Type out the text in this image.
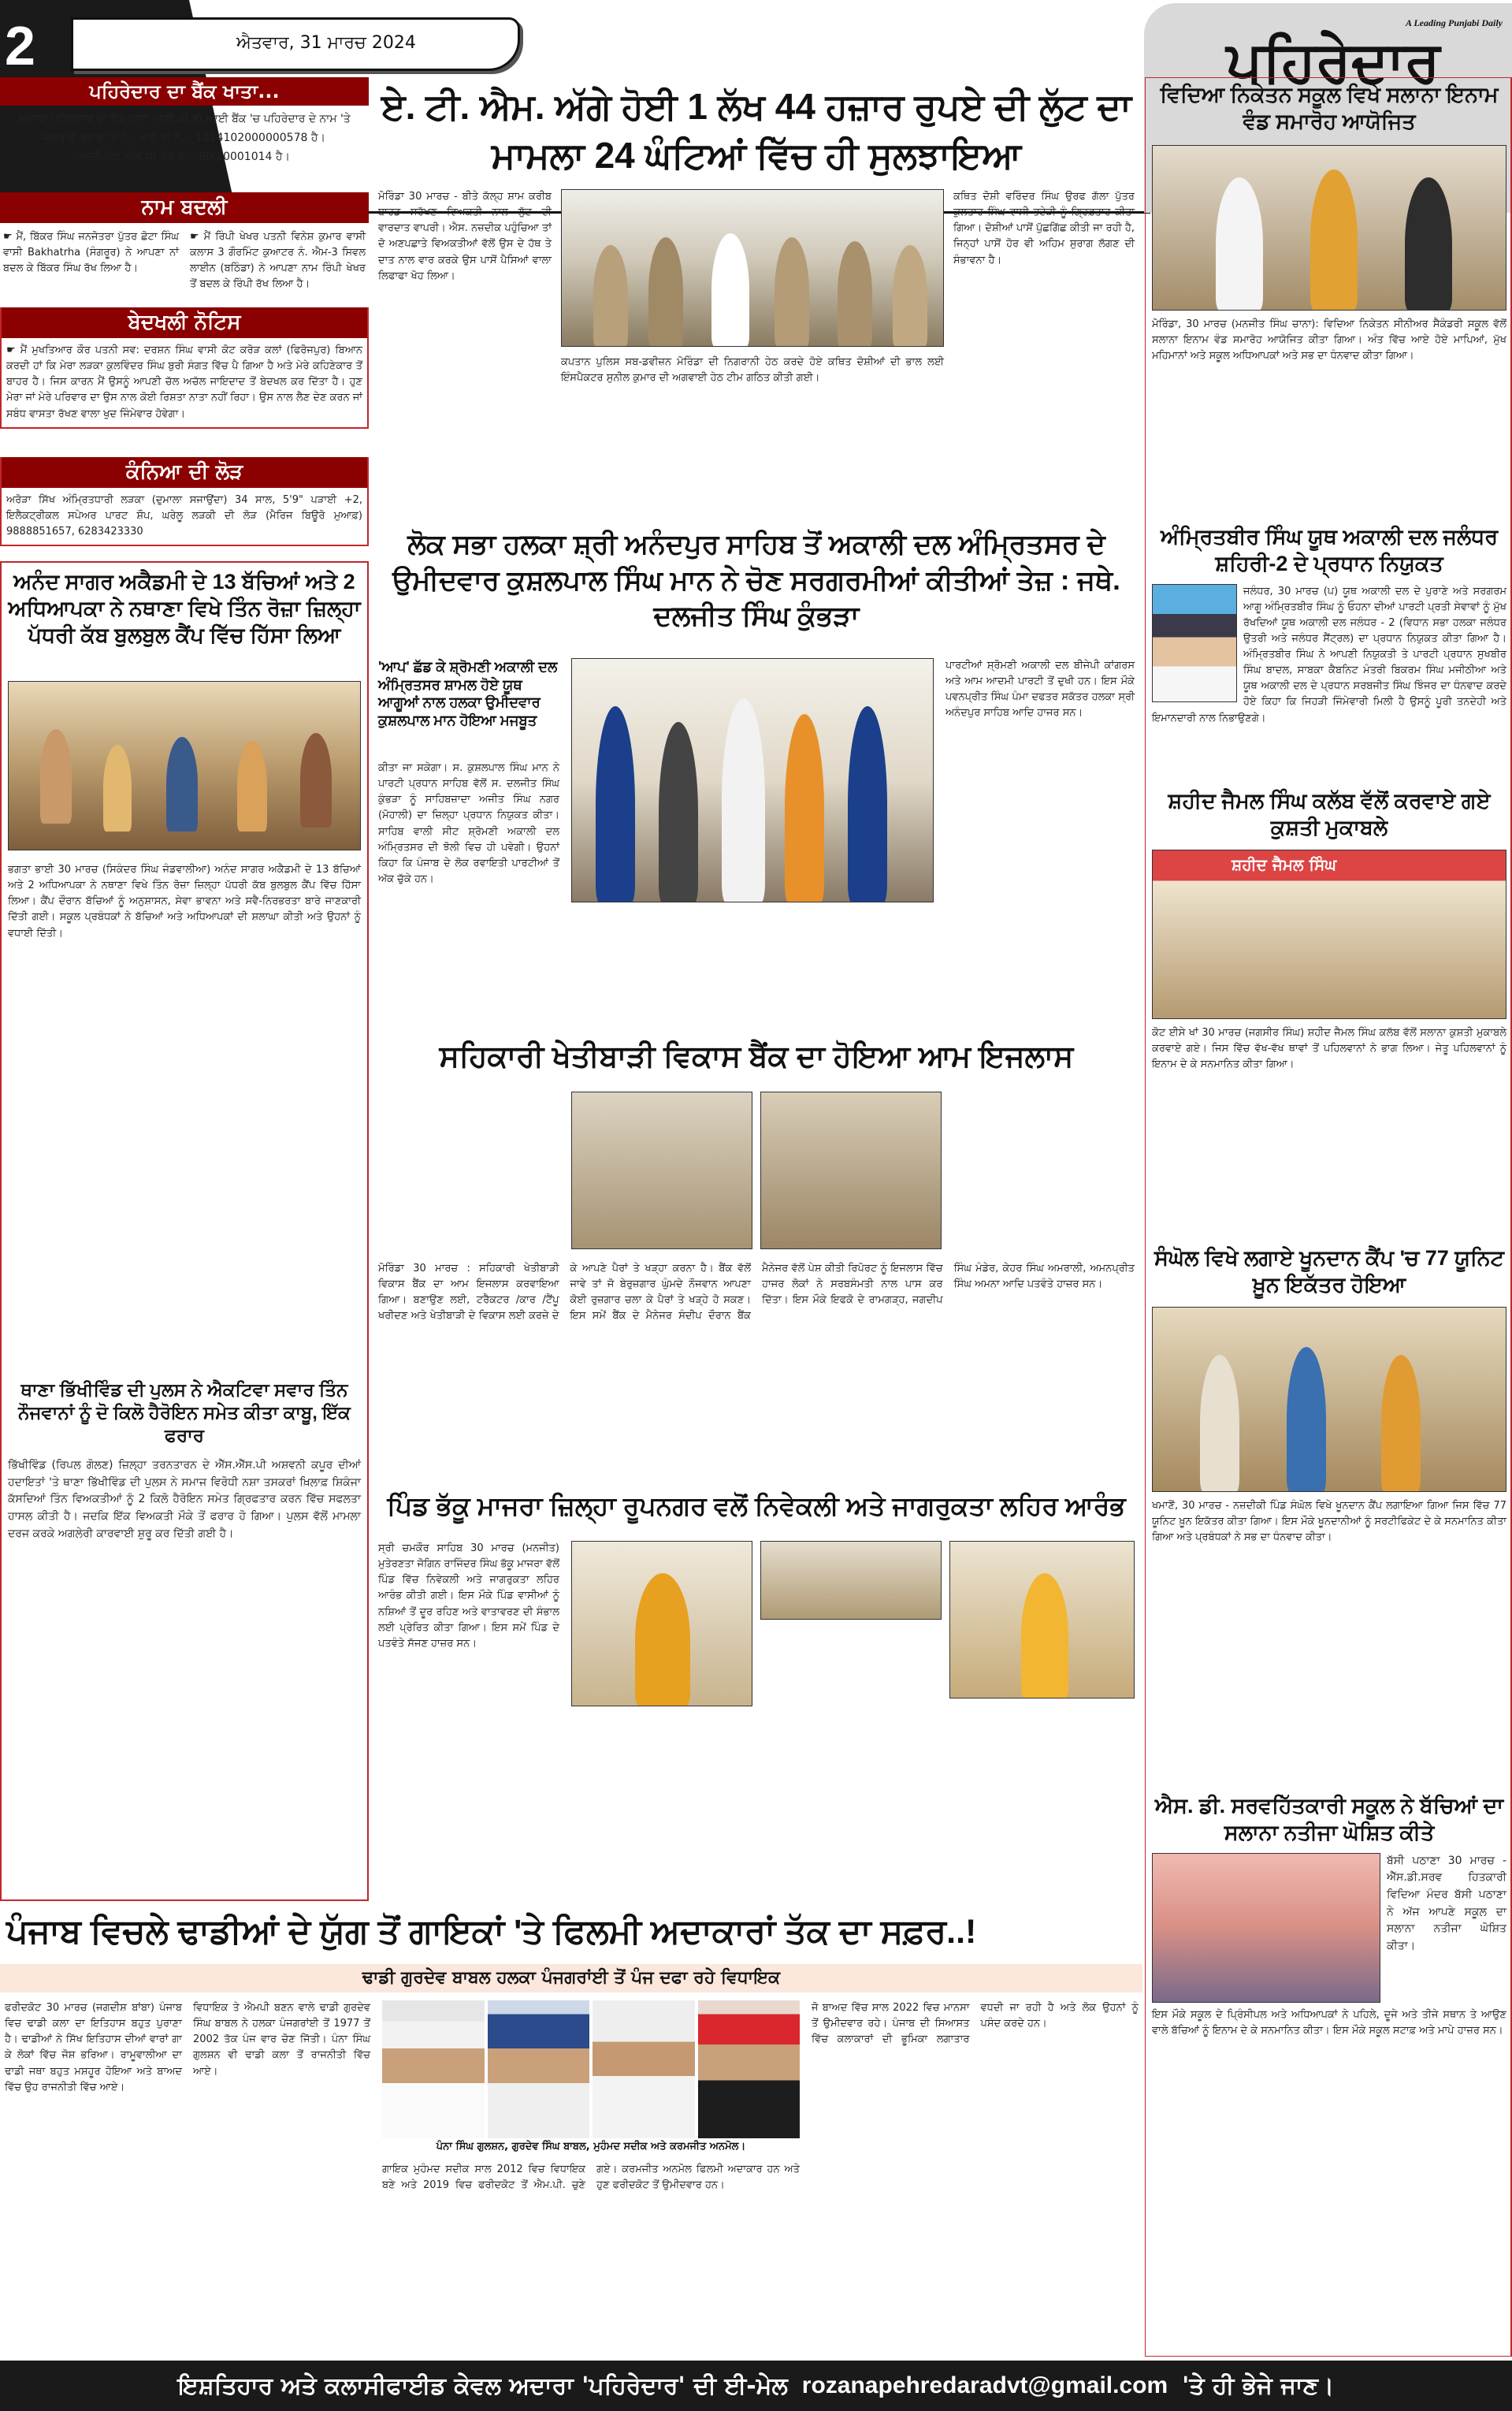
2	ਐਤਵਾਰ, 31 ਮਾਰਚ 2024
A Leading Punjabi Daily
ਪਹਿਰੇਦਾਰ
ਪਹਿਰੇਦਾਰ ਦਾ ਬੈਂਕ ਖਾਤਾ...
ਅਦਾਰਾ ਪਹਿਰੇਦਾਰ ਦਾ ਬੈਂਕ ਖਾਤਾ ਆਈ.ਡੀ.ਬੀ.ਆਈ ਬੈਂਕ 'ਚ ਪਹਿਰੇਦਾਰ ਦੇ ਨਾਮ 'ਤੇ ਜਗਰਾਉਂ ਬਰਾਂਚ 'ਚ ਹੈ। ਖਾਤੇ ਦਾ ਨੰ. - 1014102000000578 ਹੈ। ਆਈ.ਐਫ.ਐਸ.ਸੀ ਕੋਡ ਨੰ. - IBKL0001014 ਹੈ।
ਨਾਮ ਬਦਲੀ
☛ ਮੈਂ, ਬਿੱਕਰ ਸਿੰਘ ਜਨਜੋਤਰਾ ਪੁੱਤਰ ਛੋਟਾ ਸਿੰਘ ਵਾਸੀ Bakhatrha (ਸੰਗਰੂਰ) ਨੇ ਆਪਣਾ ਨਾਂ ਬਦਲ ਕੇ ਬਿੱਕਰ ਸਿੰਘ ਰੱਖ ਲਿਆ ਹੈ।
☛ ਮੈਂ ਰਿੰਪੀ ਖੇਖਰ ਪਤਨੀ ਵਿਨੇਸ਼ ਕੁਮਾਰ ਵਾਸੀ ਕਲਾਸ 3 ਗੌਰਮਿੰਟ ਕੁਆਟਰ ਨੰ. ਐਮ-3 ਸਿਵਲ ਲਾਈਨ (ਬਠਿੰਡਾ) ਨੇ ਆਪਣਾ ਨਾਮ ਰਿੰਪੀ ਖੇਖਰ ਤੋਂ ਬਦਲ ਕੇ ਰਿੰਪੀ ਰੱਖ ਲਿਆ ਹੈ।
ਬੇਦਖਲੀ ਨੋਟਿਸ
☛ ਮੈਂ ਮੁਖਤਿਆਰ ਕੌਰ ਪਤਨੀ ਸਵ: ਦਰਸ਼ਨ ਸਿੰਘ ਵਾਸੀ ਕੋਟ ਕਰੋੜ ਕਲਾਂ (ਫਿਰੋਜਪੁਰ) ਬਿਆਨ ਕਰਦੀ ਹਾਂ ਕਿ ਮੇਰਾ ਲੜਕਾ ਕੁਲਵਿੰਦਰ ਸਿੰਘ ਬੁਰੀ ਸੰਗਤ ਵਿੱਚ ਪੈ ਗਿਆ ਹੈ ਅਤੇ ਮੇਰੇ ਕਹਿਣੇਕਾਰ ਤੋਂ ਬਾਹਰ ਹੈ। ਜਿਸ ਕਾਰਨ ਮੈਂ ਉਸਨੂੰ ਆਪਣੀ ਚੱਲ ਅਚੱਲ ਜਾਇਦਾਦ ਤੋਂ ਬੇਦਖਲ ਕਰ ਦਿੱਤਾ ਹੈ। ਹੁਣ ਮੇਰਾ ਜਾਂ ਮੇਰੇ ਪਰਿਵਾਰ ਦਾ ਉਸ ਨਾਲ ਕੋਈ ਰਿਸ਼ਤਾ ਨਾਤਾ ਨਹੀਂ ਰਿਹਾ। ਉਸ ਨਾਲ ਲੈਣ ਦੇਣ ਕਰਨ ਜਾਂ ਸਬੰਧ ਵਾਸਤਾ ਰੱਖਣ ਵਾਲਾ ਖੁਦ ਜਿੰਮੇਵਾਰ ਹੋਵੇਗਾ।
ਕੰਨਿਆ ਦੀ ਲੋੜ
ਅਰੋੜਾ ਸਿੱਖ ਅੰਮ੍ਰਿਤਧਾਰੀ ਲੜਕਾ (ਦੁਮਾਲਾ ਸਜਾਉਂਦਾ) 34 ਸਾਲ, 5'9" ਪੜਾਈ +2, ਇਲੈਕਟ੍ਰੀਕਲ ਸਪੇਅਰ ਪਾਰਟ ਸ਼ੌਪ, ਘਰੇਲੂ ਲੜਕੀ ਦੀ ਲੋੜ (ਮੈਰਿਜ ਬਿਊਰੋ ਮੁਆਫ਼) 9888851657, 6283423330
ਅਨੰਦ ਸਾਗਰ ਅਕੈਡਮੀ ਦੇ 13 ਬੱਚਿਆਂ ਅਤੇ 2 ਅਧਿਆਪਕਾ ਨੇ ਨਥਾਣਾ ਵਿਖੇ ਤਿੰਨ ਰੋਜ਼ਾ ਜ਼ਿਲ੍ਹਾ ਪੱਧਰੀ ਕੱਬ ਬੁਲਬੁਲ ਕੈਂਪ ਵਿੱਚ ਹਿੱਸਾ ਲਿਆ
ਭਗਤਾ ਭਾਈ 30 ਮਾਰਚ (ਸਿਕੰਦਰ ਸਿੰਘ ਜੰਡਵਾਲੀਆ) ਅਨੰਦ ਸਾਗਰ ਅਕੈਡਮੀ ਦੇ 13 ਬੱਚਿਆਂ ਅਤੇ 2 ਅਧਿਆਪਕਾ ਨੇ ਨਥਾਣਾ ਵਿਖੇ ਤਿੰਨ ਰੋਜ਼ਾ ਜ਼ਿਲ੍ਹਾ ਪੱਧਰੀ ਕੱਬ ਬੁਲਬੁਲ ਕੈਂਪ ਵਿੱਚ ਹਿੱਸਾ ਲਿਆ। ਕੈਂਪ ਦੌਰਾਨ ਬੱਚਿਆਂ ਨੂੰ ਅਨੁਸ਼ਾਸਨ, ਸੇਵਾ ਭਾਵਨਾ ਅਤੇ ਸਵੈ-ਨਿਰਭਰਤਾ ਬਾਰੇ ਜਾਣਕਾਰੀ ਦਿੱਤੀ ਗਈ। ਸਕੂਲ ਪ੍ਰਬੰਧਕਾਂ ਨੇ ਬੱਚਿਆਂ ਅਤੇ ਅਧਿਆਪਕਾਂ ਦੀ ਸ਼ਲਾਘਾ ਕੀਤੀ ਅਤੇ ਉਹਨਾਂ ਨੂੰ ਵਧਾਈ ਦਿੱਤੀ।
ਥਾਣਾ ਭਿੱਖੀਵਿੰਡ ਦੀ ਪੁਲਸ ਨੇ ਐਕਟਿਵਾ ਸਵਾਰ ਤਿੰਨ ਨੌਜਵਾਨਾਂ ਨੂੰ ਦੋ ਕਿਲੋ ਹੈਰੋਇਨ ਸਮੇਤ ਕੀਤਾ ਕਾਬੂ, ਇੱਕ ਫਰਾਰ
ਭਿੱਖੀਵਿੰਡ (ਰਿਪਲ ਗੋਲਣ) ਜ਼ਿਲ੍ਹਾ ਤਰਨਤਾਰਨ ਦੇ ਐੱਸ.ਐੱਸ.ਪੀ ਅਸ਼ਵਨੀ ਕਪੂਰ ਦੀਆਂ ਹਦਾਇਤਾਂ 'ਤੇ ਥਾਣਾ ਭਿੱਖੀਵਿੰਡ ਦੀ ਪੁਲਸ ਨੇ ਸਮਾਜ ਵਿਰੋਧੀ ਨਸ਼ਾ ਤਸਕਰਾਂ ਖ਼ਿਲਾਫ਼ ਸ਼ਿਕੰਜਾ ਕੱਸਦਿਆਂ ਤਿੰਨ ਵਿਅਕਤੀਆਂ ਨੂੰ 2 ਕਿਲੋ ਹੈਰੋਇਨ ਸਮੇਤ ਗ੍ਰਿਫਤਾਰ ਕਰਨ ਵਿੱਚ ਸਫਲਤਾ ਹਾਸਲ ਕੀਤੀ ਹੈ। ਜਦਕਿ ਇੱਕ ਵਿਅਕਤੀ ਮੌਕੇ ਤੋਂ ਫਰਾਰ ਹੋ ਗਿਆ। ਪੁਲਸ ਵੱਲੋਂ ਮਾਮਲਾ ਦਰਜ ਕਰਕੇ ਅਗਲੇਰੀ ਕਾਰਵਾਈ ਸ਼ੁਰੂ ਕਰ ਦਿੱਤੀ ਗਈ ਹੈ।
ਏ. ਟੀ. ਐਮ. ਅੱਗੇ ਹੋਈ 1 ਲੱਖ 44 ਹਜ਼ਾਰ ਰੁਪਏ ਦੀ ਲੁੱਟ ਦਾ ਮਾਮਲਾ 24 ਘੰਟਿਆਂ ਵਿੱਚ ਹੀ ਸੁਲਝਾਇਆ
ਮੋਰਿੰਡਾ 30 ਮਾਰਚ - ਬੀਤੇ ਕੱਲ੍ਹ ਸ਼ਾਮ ਕਰੀਬ ਬਾਰਡ ਸਰੱਖਣ ਵਿਅਕਤੀ ਨਾਲ ਲੁੱਟ ਦੀ ਵਾਰਦਾਤ ਵਾਪਰੀ। ਐਸ. ਨਜ਼ਦੀਕ ਪਹੁੰਚਿਆ ਤਾਂ ਦੋ ਅਣਪਛਾਤੇ ਵਿਅਕਤੀਆਂ ਵੱਲੋਂ ਉਸ ਦੇ ਹੱਥ ਤੇ ਦਾਤ ਨਾਲ ਵਾਰ ਕਰਕੇ ਉਸ ਪਾਸੋਂ ਪੈਸਿਆਂ ਵਾਲਾ ਲਿਫਾਫਾ ਖੋਹ ਲਿਆ।
ਕਪਤਾਨ ਪੁਲਿਸ ਸਬ-ਡਵੀਜ਼ਨ ਮੋਰਿੰਡਾ ਦੀ ਨਿਗਰਾਨੀ ਹੇਠ ਕਰਦੇ ਹੋਏ ਕਥਿਤ ਦੋਸ਼ੀਆਂ ਦੀ ਭਾਲ ਲਈ ਇੰਸਪੈਕਟਰ ਸੁਨੀਲ ਕੁਮਾਰ ਦੀ ਅਗਵਾਈ ਹੇਠ ਟੀਮ ਗਠਿਤ ਕੀਤੀ ਗਈ।
ਕਥਿਤ ਦੋਸ਼ੀ ਵਰਿੰਦਰ ਸਿੰਘ ਉਰਫ ਗੱਲਾ ਪੁੱਤਰ ਕੁਲਤਾਰ ਸਿੰਘ ਵਾਸੀ ਭਟੇੜੀ ਨੂੰ ਗ੍ਰਿਫ਼ਤਾਰ ਕੀਤਾ ਗਿਆ। ਦੋਸ਼ੀਆਂ ਪਾਸੋਂ ਪੁੱਛਗਿੱਛ ਕੀਤੀ ਜਾ ਰਹੀ ਹੈ, ਜਿਨ੍ਹਾਂ ਪਾਸੋਂ ਹੋਰ ਵੀ ਅਹਿਮ ਸੁਰਾਗ ਲੱਗਣ ਦੀ ਸੰਭਾਵਨਾ ਹੈ।
ਲੋਕ ਸਭਾ ਹਲਕਾ ਸ਼੍ਰੀ ਅਨੰਦਪੁਰ ਸਾਹਿਬ ਤੋਂ ਅਕਾਲੀ ਦਲ ਅੰਮ੍ਰਿਤਸਰ ਦੇ ਉਮੀਦਵਾਰ ਕੁਸ਼ਲਪਾਲ ਸਿੰਘ ਮਾਨ ਨੇ ਚੋਣ ਸਰਗਰਮੀਆਂ ਕੀਤੀਆਂ ਤੇਜ਼ : ਜਥੇ. ਦਲਜੀਤ ਸਿੰਘ ਕੁੰਭੜਾ
'ਆਪ' ਛੱਡ ਕੇ ਸ਼੍ਰੋਮਣੀ ਅਕਾਲੀ ਦਲ ਅੰਮ੍ਰਿਤਸਰ ਸ਼ਾਮਲ ਹੋਏ ਯੂਥ ਆਗੂਆਂ ਨਾਲ ਹਲਕਾ ਉਮੀਦਵਾਰ ਕੁਸ਼ਲਪਾਲ ਮਾਨ ਹੋਇਆ ਮਜਬੂਤ
ਕੀਤਾ ਜਾ ਸਕੇਗਾ। ਸ. ਕੁਸ਼ਲਪਾਲ ਸਿੰਘ ਮਾਨ ਨੇ ਪਾਰਟੀ ਪ੍ਰਧਾਨ ਸਾਹਿਬ ਵੱਲੋਂ ਸ. ਦਲਜੀਤ ਸਿੰਘ ਕੁੰਭੜਾ ਨੂੰ ਸਾਹਿਬਜ਼ਾਦਾ ਅਜੀਤ ਸਿੰਘ ਨਗਰ (ਮੋਹਾਲੀ) ਦਾ ਜ਼ਿਲ੍ਹਾ ਪ੍ਰਧਾਨ ਨਿਯੁਕਤ ਕੀਤਾ। ਸਾਹਿਬ ਵਾਲੀ ਸੀਟ ਸ਼੍ਰੋਮਣੀ ਅਕਾਲੀ ਦਲ ਅੰਮ੍ਰਿਤਸਰ ਦੀ ਝੋਲੀ ਵਿਚ ਹੀ ਪਵੇਗੀ। ਉਹਨਾਂ ਕਿਹਾ ਕਿ ਪੰਜਾਬ ਦੇ ਲੋਕ ਰਵਾਇਤੀ ਪਾਰਟੀਆਂ ਤੋਂ ਅੱਕ ਚੁੱਕੇ ਹਨ।
ਪਾਰਟੀਆਂ ਸ਼੍ਰੋਮਣੀ ਅਕਾਲੀ ਦਲ ਬੀਜੇਪੀ ਕਾਂਗਰਸ ਅਤੇ ਆਮ ਆਦਮੀ ਪਾਰਟੀ ਤੋਂ ਦੁਖੀ ਹਨ। ਇਸ ਮੌਕੇ ਪਵਨਪ੍ਰੀਤ ਸਿੰਘ ਪੰਮਾ ਦਫਤਰ ਸਕੱਤਰ ਹਲਕਾ ਸ੍ਰੀ ਅਨੰਦਪੁਰ ਸਾਹਿਬ ਆਦਿ ਹਾਜਰ ਸਨ।
ਸਹਿਕਾਰੀ ਖੇਤੀਬਾੜੀ ਵਿਕਾਸ ਬੈਂਕ ਦਾ ਹੋਇਆ ਆਮ ਇਜਲਾਸ
ਮੋਰਿੰਡਾ 30 ਮਾਰਚ : ਸਹਿਕਾਰੀ ਖੇਤੀਬਾੜੀ ਵਿਕਾਸ ਬੈਂਕ ਦਾ ਆਮ ਇਜਲਾਸ ਕਰਵਾਇਆ ਗਿਆ। ਬਣਾਉਣ ਲਈ, ਟਰੈਕਟਰ /ਕਾਰ /ਟੈਂਪੂ ਖਰੀਦਣ ਅਤੇ ਖੇਤੀਬਾੜੀ ਦੇ ਵਿਕਾਸ ਲਈ ਕਰਜ਼ੇ ਦੇ ਕੇ ਆਪਣੇ ਪੈਰਾਂ ਤੇ ਖੜ੍ਹਾ ਕਰਨਾ ਹੈ। ਬੈਂਕ ਵੱਲੋਂ ਜਾਵੇ ਤਾਂ ਜੋ ਬੇਰੁਜ਼ਗਾਰ ਘੁੰਮਦੇ ਨੌਜਵਾਨ ਆਪਣਾ ਕੋਈ ਰੁਜ਼ਗਾਰ ਚਲਾ ਕੇ ਪੈਰਾਂ ਤੇ ਖੜ੍ਹੇ ਹੋ ਸਕਣ। ਇਸ ਸਮੇਂ ਬੈਂਕ ਦੇ ਮੈਨੇਜਰ ਸੰਦੀਪ ਦੌਰਾਨ ਬੈਂਕ ਮੈਨੇਜਰ ਵੱਲੋਂ ਪੇਸ਼ ਕੀਤੀ ਰਿਪੋਰਟ ਨੂੰ ਇਜਲਾਸ ਵਿੱਚ ਹਾਜਰ ਲੋਕਾਂ ਨੇ ਸਰਬਸੰਮਤੀ ਨਾਲ ਪਾਸ ਕਰ ਦਿੱਤਾ। ਇਸ ਮੌਕੇ ਇਫਕੋ ਦੇ ਰਾਮਗੜ੍ਹ, ਜਗਦੀਪ ਸਿੰਘ ਮੰਡੇਰ, ਕੇਹਰ ਸਿੰਘ ਅਮਰਾਲੀ, ਅਮਨਪ੍ਰੀਤ ਸਿੰਘ ਅਮਨਾ ਆਦਿ ਪਤਵੰਤੇ ਹਾਜ਼ਰ ਸਨ।
ਪਿੰਡ ਭੱਕੂ ਮਾਜਰਾ ਜ਼ਿਲ੍ਹਾ ਰੂਪਨਗਰ ਵਲੋਂ ਨਿਵੇਕਲੀ ਅਤੇ ਜਾਗਰੁਕਤਾ ਲਹਿਰ ਆਰੰਭ
ਸ੍ਰੀ ਚਮਕੌਰ ਸਾਹਿਬ 30 ਮਾਰਚ (ਮਨਜੀਤ) ਮੁਤੇਰਣਤਾ ਜੋਗਿਨ ਰਾਜਿੰਦਰ ਸਿੰਘ ਭੱਕੂ ਮਾਜਰਾ ਵੱਲੋਂ ਪਿੰਡ ਵਿੱਚ ਨਿਵੇਕਲੀ ਅਤੇ ਜਾਗਰੁਕਤਾ ਲਹਿਰ ਆਰੰਭ ਕੀਤੀ ਗਈ। ਇਸ ਮੌਕੇ ਪਿੰਡ ਵਾਸੀਆਂ ਨੂੰ ਨਸ਼ਿਆਂ ਤੋਂ ਦੂਰ ਰਹਿਣ ਅਤੇ ਵਾਤਾਵਰਣ ਦੀ ਸੰਭਾਲ ਲਈ ਪ੍ਰੇਰਿਤ ਕੀਤਾ ਗਿਆ। ਇਸ ਸਮੇਂ ਪਿੰਡ ਦੇ ਪਤਵੰਤੇ ਸੱਜਣ ਹਾਜ਼ਰ ਸਨ।
ਵਿਦਿਆ ਨਿਕੇਤਨ ਸਕੂਲ ਵਿਖੇ ਸਲਾਨਾ ਇਨਾਮ ਵੰਡ ਸਮਾਰੋਹ ਆਯੋਜਿਤ
ਮੋਰਿੰਡਾ, 30 ਮਾਰਚ (ਮਨਜੀਤ ਸਿੰਘ ਚਾਨਾ): ਵਿਦਿਆ ਨਿਕੇਤਨ ਸੀਨੀਅਰ ਸੈਕੰਡਰੀ ਸਕੂਲ ਵੱਲੋਂ ਸਲਾਨਾ ਇਨਾਮ ਵੰਡ ਸਮਾਰੋਹ ਆਯੋਜਿਤ ਕੀਤਾ ਗਿਆ। ਅੰਤ ਵਿੱਚ ਆਏ ਹੋਏ ਮਾਪਿਆਂ, ਮੁੱਖ ਮਹਿਮਾਨਾਂ ਅਤੇ ਸਕੂਲ ਅਧਿਆਪਕਾਂ ਅਤੇ ਸਭ ਦਾ ਧੰਨਵਾਦ ਕੀਤਾ ਗਿਆ।
ਅੰਮ੍ਰਿਤਬੀਰ ਸਿੰਘ ਯੂਥ ਅਕਾਲੀ ਦਲ ਜਲੰਧਰ ਸ਼ਹਿਰੀ-2 ਦੇ ਪ੍ਰਧਾਨ ਨਿਯੁਕਤ
ਜਲੰਧਰ, 30 ਮਾਰਚ (ਪ) ਯੂਥ ਅਕਾਲੀ ਦਲ ਦੇ ਪੁਰਾਣੇ ਅਤੇ ਸਰਗਰਮ ਆਗੂ ਅੰਮ੍ਰਿਤਬੀਰ ਸਿੰਘ ਨੂੰ ਓਹਨਾ ਦੀਆਂ ਪਾਰਟੀ ਪ੍ਰਤੀ ਸੇਵਾਵਾਂ ਨੂੰ ਮੁੱਖ ਰੱਖਦਿਆਂ ਯੂਥ ਅਕਾਲੀ ਦਲ ਜਲੰਧਰ - 2 (ਵਿਧਾਨ ਸਭਾ ਹਲਕਾ ਜਲੰਧਰ ਉਤਰੀ ਅਤੇ ਜਲੰਧਰ ਸੈਂਟ੍ਰਲ) ਦਾ ਪ੍ਰਧਾਨ ਨਿਯੁਕਤ ਕੀਤਾ ਗਿਆ ਹੈ। ਅੰਮ੍ਰਿਤਬੀਰ ਸਿੰਘ ਨੇ ਆਪਣੀ ਨਿਯੁਕਤੀ ਤੇ ਪਾਰਟੀ ਪ੍ਰਧਾਨ ਸੁਖਬੀਰ ਸਿੰਘ ਬਾਦਲ, ਸਾਬਕਾ ਕੈਬਨਿਟ ਮੰਤਰੀ ਬਿਕਰਮ ਸਿੰਘ ਮਜੀਠੀਆ ਅਤੇ ਯੂਥ ਅਕਾਲੀ ਦਲ ਦੇ ਪ੍ਰਧਾਨ ਸਰਬਜੀਤ ਸਿੰਘ ਝਿੰਜਰ ਦਾ ਧੰਨਵਾਦ ਕਰਦੇ ਹੋਏ ਕਿਹਾ ਕਿ ਜਿਹੜੀ ਜਿੰਮੇਵਾਰੀ ਮਿਲੀ ਹੈ ਉਸਨੂੰ ਪੂਰੀ ਤਨਦੇਹੀ ਅਤੇ ਇਮਾਨਦਾਰੀ ਨਾਲ ਨਿਭਾਉਣਗੇ।
ਸ਼ਹੀਦ ਜੈਮਲ ਸਿੰਘ ਕਲੱਬ ਵੱਲੋਂ ਕਰਵਾਏ ਗਏ ਕੁਸ਼ਤੀ ਮੁਕਾਬਲੇ
ਸ਼ਹੀਦ ਜੈਮਲ ਸਿੰਘ
ਕੋਟ ਈਸੇ ਖਾਂ 30 ਮਾਰਚ (ਜਗਸੀਰ ਸਿੰਘ) ਸ਼ਹੀਦ ਜੈਮਲ ਸਿੰਘ ਕਲੱਬ ਵੱਲੋਂ ਸਲਾਨਾ ਕੁਸ਼ਤੀ ਮੁਕਾਬਲੇ ਕਰਵਾਏ ਗਏ। ਜਿਸ ਵਿੱਚ ਵੱਖ-ਵੱਖ ਥਾਵਾਂ ਤੋਂ ਪਹਿਲਵਾਨਾਂ ਨੇ ਭਾਗ ਲਿਆ। ਜੇਤੂ ਪਹਿਲਵਾਨਾਂ ਨੂੰ ਇਨਾਮ ਦੇ ਕੇ ਸਨਮਾਨਿਤ ਕੀਤਾ ਗਿਆ।
ਸੰਘੋਲ ਵਿਖੇ ਲਗਾਏ ਖੂਨਦਾਨ ਕੈਂਪ 'ਚ 77 ਯੂਨਿਟ ਖ਼ੂਨ ਇਕੱਤਰ ਹੋਇਆ
ਖਮਾਣੋਂ, 30 ਮਾਰਚ - ਨਜ਼ਦੀਕੀ ਪਿੰਡ ਸੰਘੋਲ ਵਿਖੇ ਖੂਨਦਾਨ ਕੈਂਪ ਲਗਾਇਆ ਗਿਆ ਜਿਸ ਵਿੱਚ 77 ਯੂਨਿਟ ਖ਼ੂਨ ਇਕੱਤਰ ਕੀਤਾ ਗਿਆ। ਇਸ ਮੌਕੇ ਖੂਨਦਾਨੀਆਂ ਨੂੰ ਸਰਟੀਫਿਕੇਟ ਦੇ ਕੇ ਸਨਮਾਨਿਤ ਕੀਤਾ ਗਿਆ ਅਤੇ ਪ੍ਰਬੰਧਕਾਂ ਨੇ ਸਭ ਦਾ ਧੰਨਵਾਦ ਕੀਤਾ।
ਐਸ. ਡੀ. ਸਰਵਹਿੱਤਕਾਰੀ ਸਕੂਲ ਨੇ ਬੱਚਿਆਂ ਦਾ ਸਲਾਨਾ ਨਤੀਜਾ ਘੋਸ਼ਿਤ ਕੀਤੇ
ਬੱਸੀ ਪਠਾਣਾ 30 ਮਾਰਚ - ਐੱਸ.ਡੀ.ਸਰਵ ਹਿਤਕਾਰੀ ਵਿਦਿਆ ਮੰਦਰ ਬੱਸੀ ਪਠਾਣਾ ਨੇ ਅੱਜ ਆਪਣੇ ਸਕੂਲ ਦਾ ਸਲਾਨਾ ਨਤੀਜਾ ਘੋਸ਼ਿਤ ਕੀਤਾ।
ਇਸ ਮੌਕੇ ਸਕੂਲ ਦੇ ਪ੍ਰਿੰਸੀਪਲ ਅਤੇ ਅਧਿਆਪਕਾਂ ਨੇ ਪਹਿਲੇ, ਦੂਜੇ ਅਤੇ ਤੀਜੇ ਸਥਾਨ ਤੇ ਆਉਣ ਵਾਲੇ ਬੱਚਿਆਂ ਨੂੰ ਇਨਾਮ ਦੇ ਕੇ ਸਨਮਾਨਿਤ ਕੀਤਾ। ਇਸ ਮੌਕੇ ਸਕੂਲ ਸਟਾਫ਼ ਅਤੇ ਮਾਪੇ ਹਾਜ਼ਰ ਸਨ।
ਪੰਜਾਬ ਵਿਚਲੇ ਢਾਡੀਆਂ ਦੇ ਯੁੱਗ ਤੋਂ ਗਾਇਕਾਂ 'ਤੇ ਫਿਲਮੀ ਅਦਾਕਾਰਾਂ ਤੱਕ ਦਾ ਸਫ਼ਰ..!
ਢਾਡੀ ਗੁਰਦੇਵ ਬਾਬਲ ਹਲਕਾ ਪੰਜਗਰਾਂਈ ਤੋਂ ਪੰਜ ਦਫਾ ਰਹੇ ਵਿਧਾਇਕ
ਫਰੀਦਕੋਟ 30 ਮਾਰਚ (ਜਗਦੀਸ਼ ਬਾਂਬਾ) ਪੰਜਾਬ ਵਿਚ ਢਾਡੀ ਕਲਾ ਦਾ ਇਤਿਹਾਸ ਬਹੁਤ ਪੁਰਾਣਾ ਹੈ। ਢਾਡੀਆਂ ਨੇ ਸਿੱਖ ਇਤਿਹਾਸ ਦੀਆਂ ਵਾਰਾਂ ਗਾ ਕੇ ਲੋਕਾਂ ਵਿੱਚ ਜੋਸ਼ ਭਰਿਆ। ਰਾਮੂਵਾਲੀਆ ਦਾ ਢਾਡੀ ਜਥਾ ਬਹੁਤ ਮਸ਼ਹੂਰ ਹੋਇਆ ਅਤੇ ਬਾਅਦ ਵਿੱਚ ਉਹ ਰਾਜਨੀਤੀ ਵਿੱਚ ਆਏ।
ਵਿਧਾਇਕ ਤੇ ਐਮਪੀ ਬਣਨ ਵਾਲੇ ਢਾਡੀ ਗੁਰਦੇਵ ਸਿੰਘ ਬਾਬਲ ਨੇ ਹਲਕਾ ਪੰਜਗਰਾਂਈ ਤੋਂ 1977 ਤੋਂ 2002 ਤੱਕ ਪੰਜ ਵਾਰ ਚੋਣ ਜਿੱਤੀ। ਪੰਨਾ ਸਿੰਘ ਗੁਲਸ਼ਨ ਵੀ ਢਾਡੀ ਕਲਾ ਤੋਂ ਰਾਜਨੀਤੀ ਵਿੱਚ ਆਏ।
ਪੰਨਾ ਸਿੰਘ ਗੁਲਸ਼ਨ, ਗੁਰਦੇਵ ਸਿੰਘ ਬਾਬਲ, ਮੁਹੰਮਦ ਸਦੀਕ ਅਤੇ ਕਰਮਜੀਤ ਅਨਮੋਲ।
ਗਾਇਕ ਮੁਹੰਮਦ ਸਦੀਕ ਸਾਲ 2012 ਵਿਚ ਵਿਧਾਇਕ ਬਣੇ ਅਤੇ 2019 ਵਿਚ ਫਰੀਦਕੋਟ ਤੋਂ ਐਮ.ਪੀ. ਚੁਣੇ ਗਏ। ਕਰਮਜੀਤ ਅਨਮੋਲ ਫਿਲਮੀ ਅਦਾਕਾਰ ਹਨ ਅਤੇ ਹੁਣ ਫਰੀਦਕੋਟ ਤੋਂ ਉਮੀਦਵਾਰ ਹਨ।
ਜੋ ਬਾਅਦ ਵਿੱਚ ਸਾਲ 2022 ਵਿਚ ਮਾਨਸਾ ਤੋਂ ਉਮੀਦਵਾਰ ਰਹੇ। ਪੰਜਾਬ ਦੀ ਸਿਆਸਤ ਵਿੱਚ ਕਲਾਕਾਰਾਂ ਦੀ ਭੂਮਿਕਾ ਲਗਾਤਾਰ ਵਧਦੀ ਜਾ ਰਹੀ ਹੈ ਅਤੇ ਲੋਕ ਉਹਨਾਂ ਨੂੰ ਪਸੰਦ ਕਰਦੇ ਹਨ।
ਇਸ਼ਤਿਹਾਰ ਅਤੇ ਕਲਾਸੀਫਾਈਡ ਕੇਵਲ ਅਦਾਰਾ 'ਪਹਿਰੇਦਾਰ' ਦੀ ਈ-ਮੇਲ rozanapehredaradvt@gmail.com 'ਤੇ ਹੀ ਭੇਜੇ ਜਾਣ।
